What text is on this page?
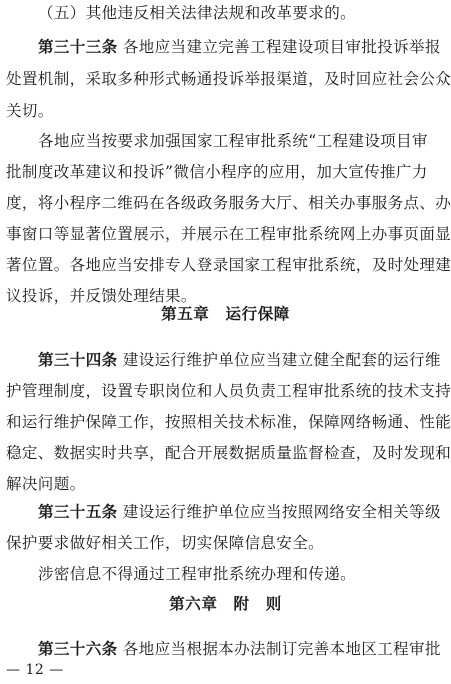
（五）其他违反相关法律法规和改革要求的。
第三十三条 各地应当建立完善工程建设项目审批投诉举报
处置机制，采取多种形式畅通投诉举报渠道，及时回应社会公众
关切。
各地应当按要求加强国家工程审批系统“工程建设项目审
批制度改革建议和投诉”微信小程序的应用，加大宣传推广力
度，将小程序二维码在各级政务服务大厅、相关办事服务点、办
事窗口等显著位置展示，并展示在工程审批系统网上办事页面显
著位置。各地应当安排专人登录国家工程审批系统，及时处理建
议投诉，并反馈处理结果。
第五章　运行保障
第三十四条 建设运行维护单位应当建立健全配套的运行维
护管理制度，设置专职岗位和人员负责工程审批系统的技术支持
和运行维护保障工作，按照相关技术标准，保障网络畅通、性能
稳定、数据实时共享，配合开展数据质量监督检查，及时发现和
解决问题。
第三十五条 建设运行维护单位应当按照网络安全相关等级
保护要求做好相关工作，切实保障信息安全。
涉密信息不得通过工程审批系统办理和传递。
第六章　附　则
第三十六条 各地应当根据本办法制订完善本地区工程审批
— 12 —
